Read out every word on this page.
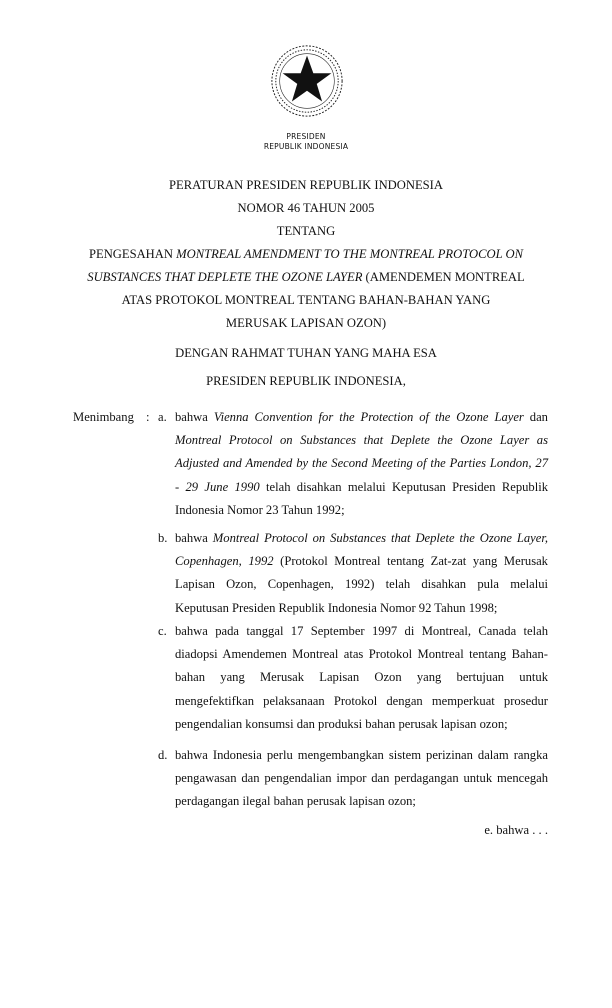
PRESIDEN
REPUBLIK INDONESIA
PERATURAN PRESIDEN REPUBLIK INDONESIA
NOMOR 46 TAHUN 2005
TENTANG
PENGESAHAN MONTREAL AMENDMENT TO THE MONTREAL PROTOCOL ON
SUBSTANCES THAT DEPLETE THE OZONE LAYER (AMENDEMEN MONTREAL
ATAS PROTOKOL MONTREAL TENTANG BAHAN-BAHAN YANG
MERUSAK LAPISAN OZON)
DENGAN RAHMAT TUHAN YANG MAHA ESA
PRESIDEN REPUBLIK INDONESIA,
Menimbang : a. bahwa Vienna Convention for the Protection of the Ozone Layer dan
Montreal Protocol on Substances that Deplete the Ozone Layer as
Adjusted and Amended by the Second Meeting of the Parties London, 27
- 29 June 1990 telah disahkan melalui Keputusan Presiden Republik
Indonesia Nomor 23 Tahun 1992;
b. bahwa Montreal Protocol on Substances that Deplete the Ozone Layer,
Copenhagen, 1992 (Protokol Montreal tentang Zat-zat yang Merusak
Lapisan Ozon, Copenhagen, 1992) telah disahkan pula melalui
Keputusan Presiden Republik Indonesia Nomor 92 Tahun 1998;
c. bahwa pada tanggal 17 September 1997 di Montreal, Canada telah
diadopsi Amendemen Montreal atas Protokol Montreal tentang Bahan-
bahan yang Merusak Lapisan Ozon yang bertujuan untuk
mengefektifkan pelaksanaan Protokol dengan memperkuat prosedur
pengendalian konsumsi dan produksi bahan perusak lapisan ozon;
d. bahwa Indonesia perlu mengembangkan sistem perizinan dalam rangka
pengawasan dan pengendalian impor dan perdagangan untuk mencegah
perdagangan ilegal bahan perusak lapisan ozon;
e. bahwa . . .
